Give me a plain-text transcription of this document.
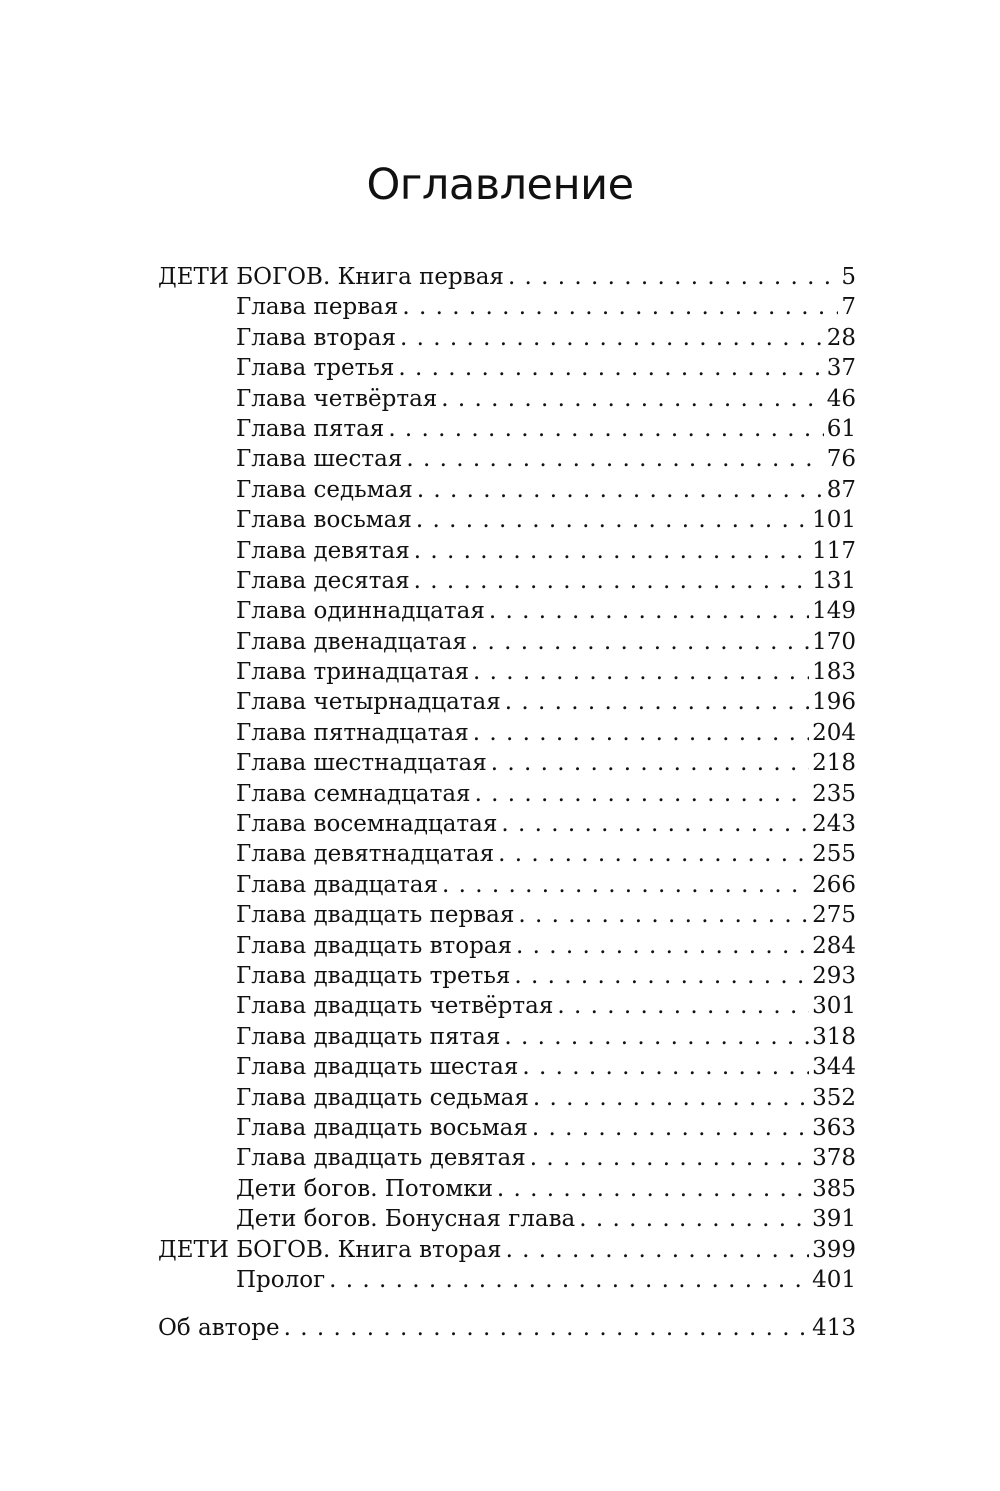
Оглавление
ДЕТИ БОГОВ. Книга первая . . .	5
Глава первая . . .	7
Глава вторая . . .	28
Глава третья . . .	37
Глава четвёртая . . .	46
Глава пятая . . .	61
Глава шестая . . .	76
Глава седьмая . . .	87
Глава восьмая . . .	101
Глава девятая . . .	117
Глава десятая . . .	131
Глава одиннадцатая . . .	149
Глава двенадцатая . . .	170
Глава тринадцатая . . .	183
Глава четырнадцатая . . .	196
Глава пятнадцатая . . .	204
Глава шестнадцатая . . .	218
Глава семнадцатая . . .	235
Глава восемнадцатая . . .	243
Глава девятнадцатая . . .	255
Глава двадцатая . . .	266
Глава двадцать первая . . .	275
Глава двадцать вторая . . .	284
Глава двадцать третья . . .	293
Глава двадцать четвёртая . . .	301
Глава двадцать пятая . . .	318
Глава двадцать шестая . . .	344
Глава двадцать седьмая . . .	352
Глава двадцать восьмая . . .	363
Глава двадцать девятая . . .	378
Дети богов. Потомки . . .	385
Дети богов. Бонусная глава . . .	391
ДЕТИ БОГОВ. Книга вторая . . .	399
Пролог . . .	401
Об авторе . . .	413
